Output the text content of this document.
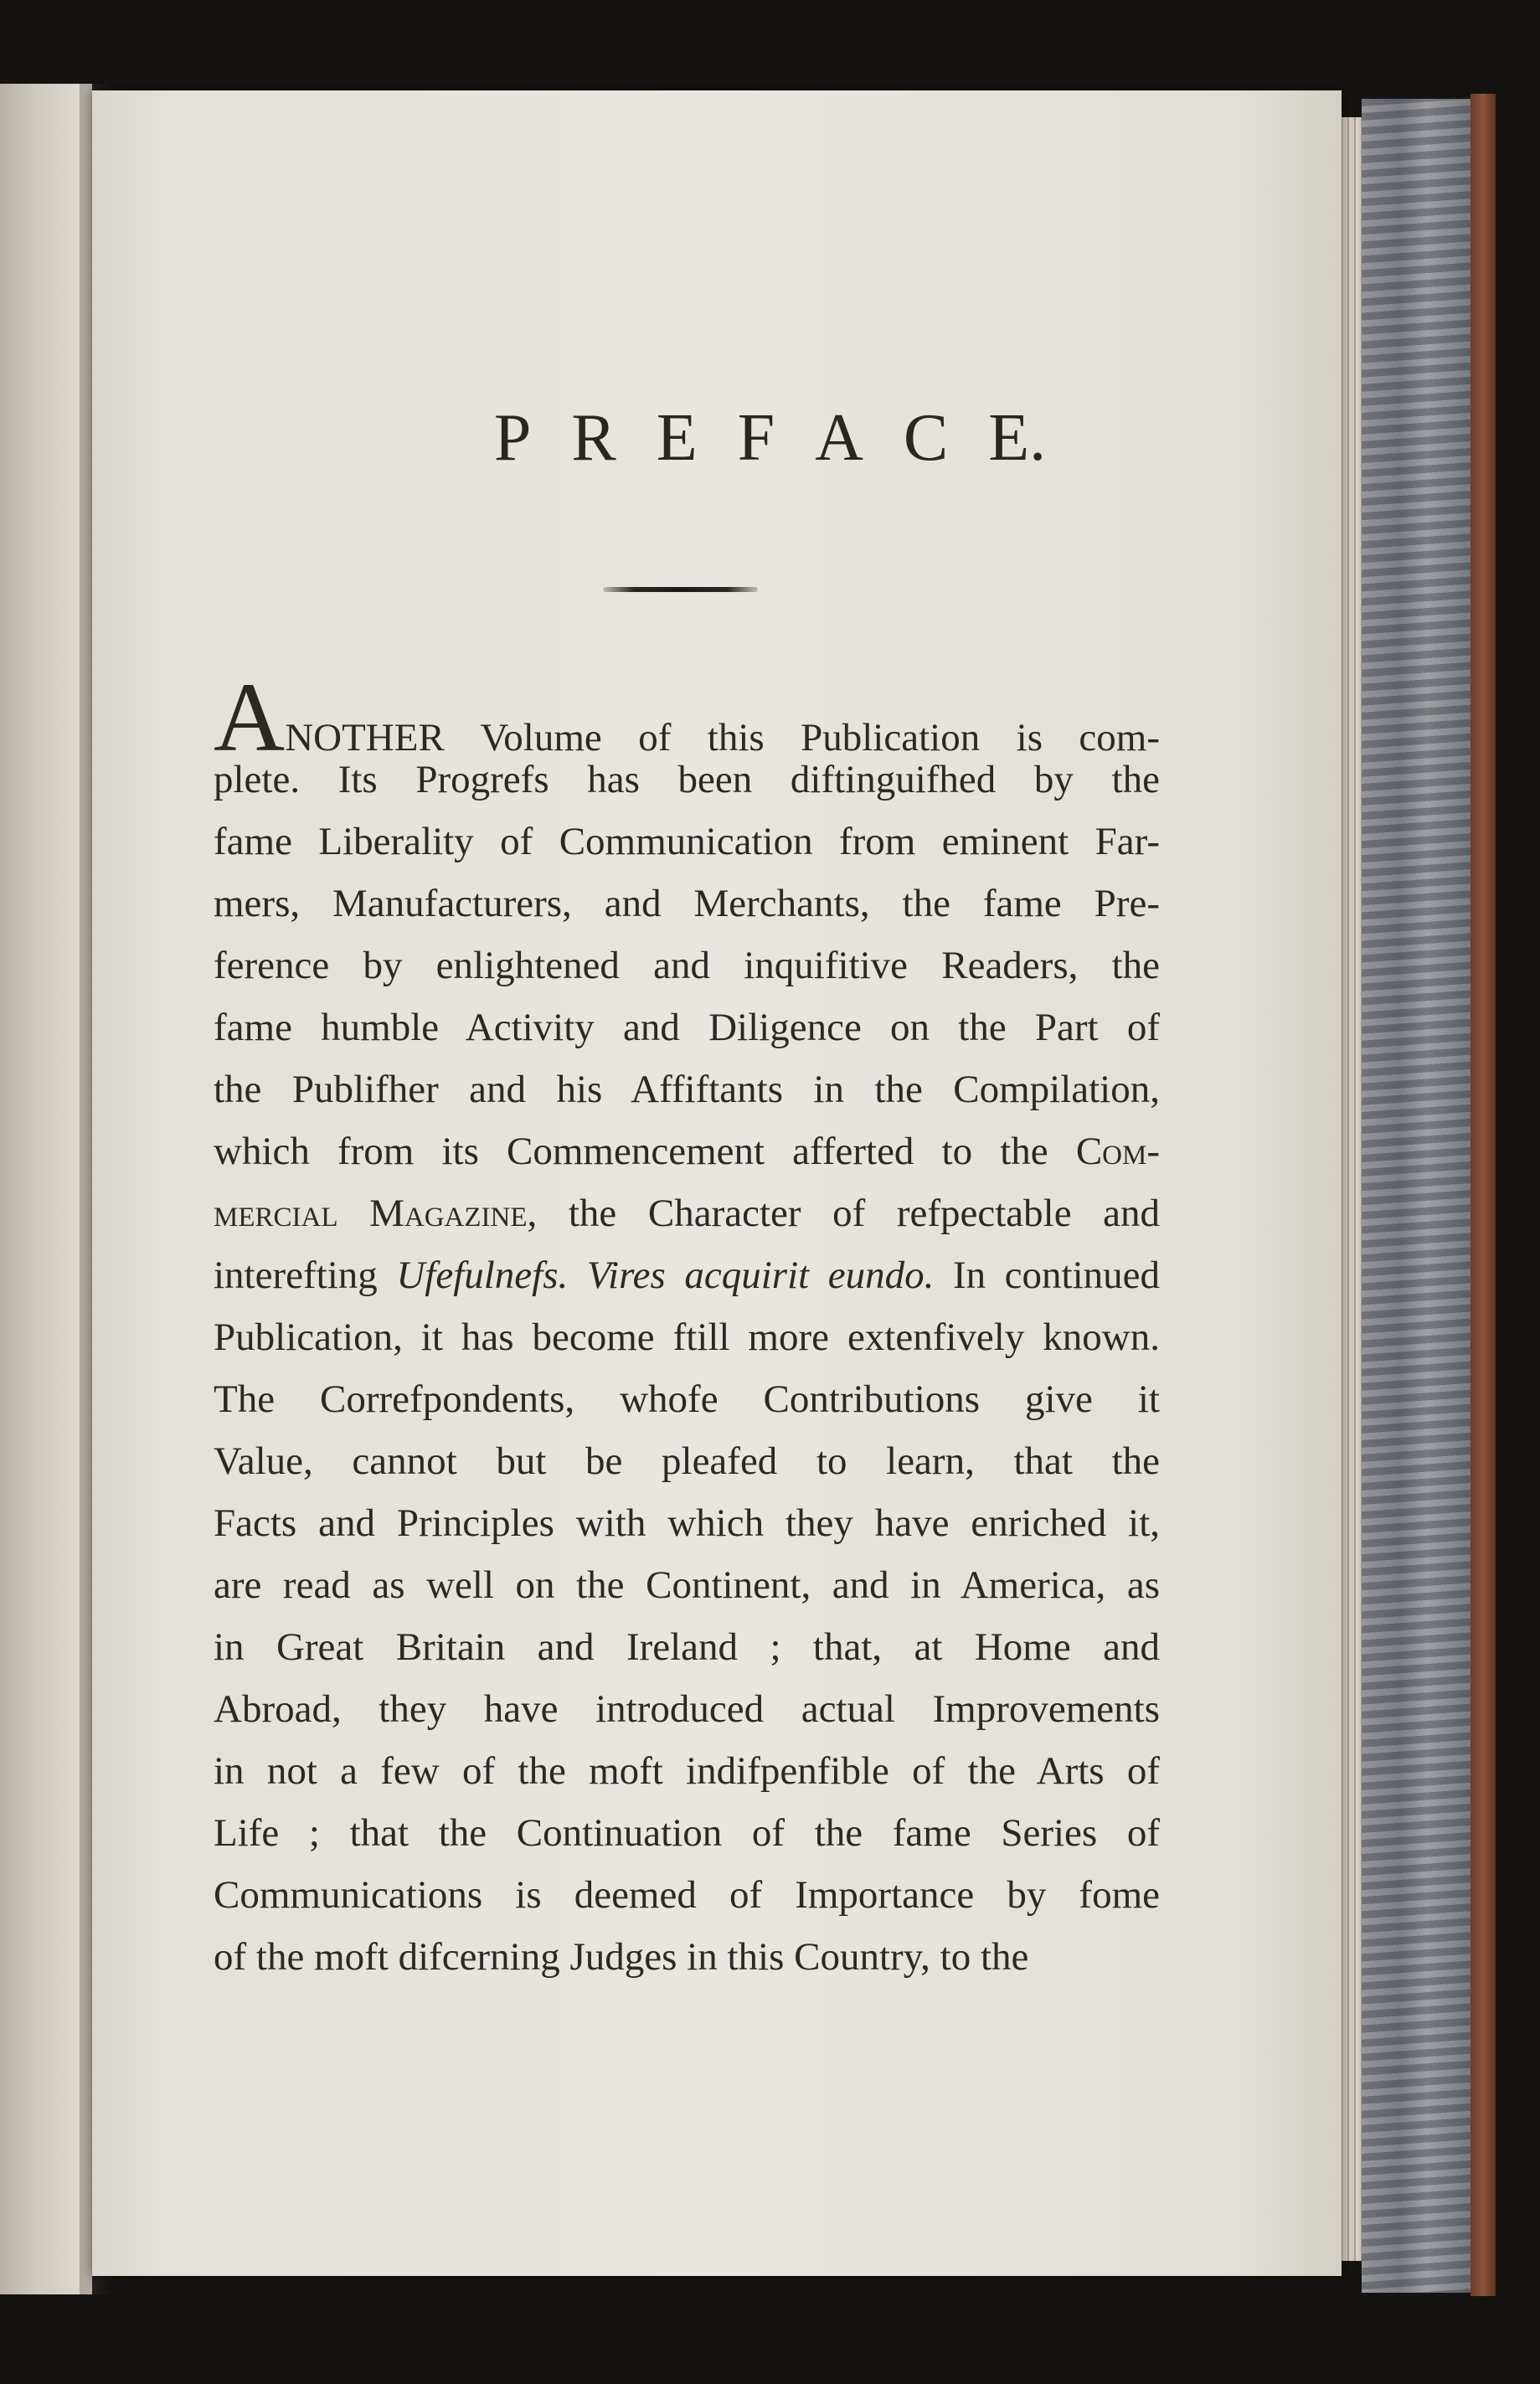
P R E F A C E.
ANOTHER Volume of this Publication is com-
plete. Its Progrefs has been diftinguifhed by the
fame Liberality of Communication from eminent Far-
mers, Manufacturers, and Merchants, the fame Pre-
ference by enlightened and inquifitive Readers, the
fame humble Activity and Diligence on the Part of
the Publifher and his Affiftants in the Compilation,
which from its Commencement afferted to the Com-
mercial Magazine, the Character of refpectable and
interefting Ufefulnefs. Vires acquirit eundo. In continued
Publication, it has become ftill more extenfively known.
The Correfpondents, whofe Contributions give it
Value, cannot but be pleafed to learn, that the
Facts and Principles with which they have enriched it,
are read as well on the Continent, and in America, as
in Great Britain and Ireland ; that, at Home and
Abroad, they have introduced actual Improvements
in not a few of the moft indifpenfible of the Arts of
Life ; that the Continuation of the fame Series of
Communications is deemed of Importance by fome
of the moft difcerning Judges in this Country, to the
